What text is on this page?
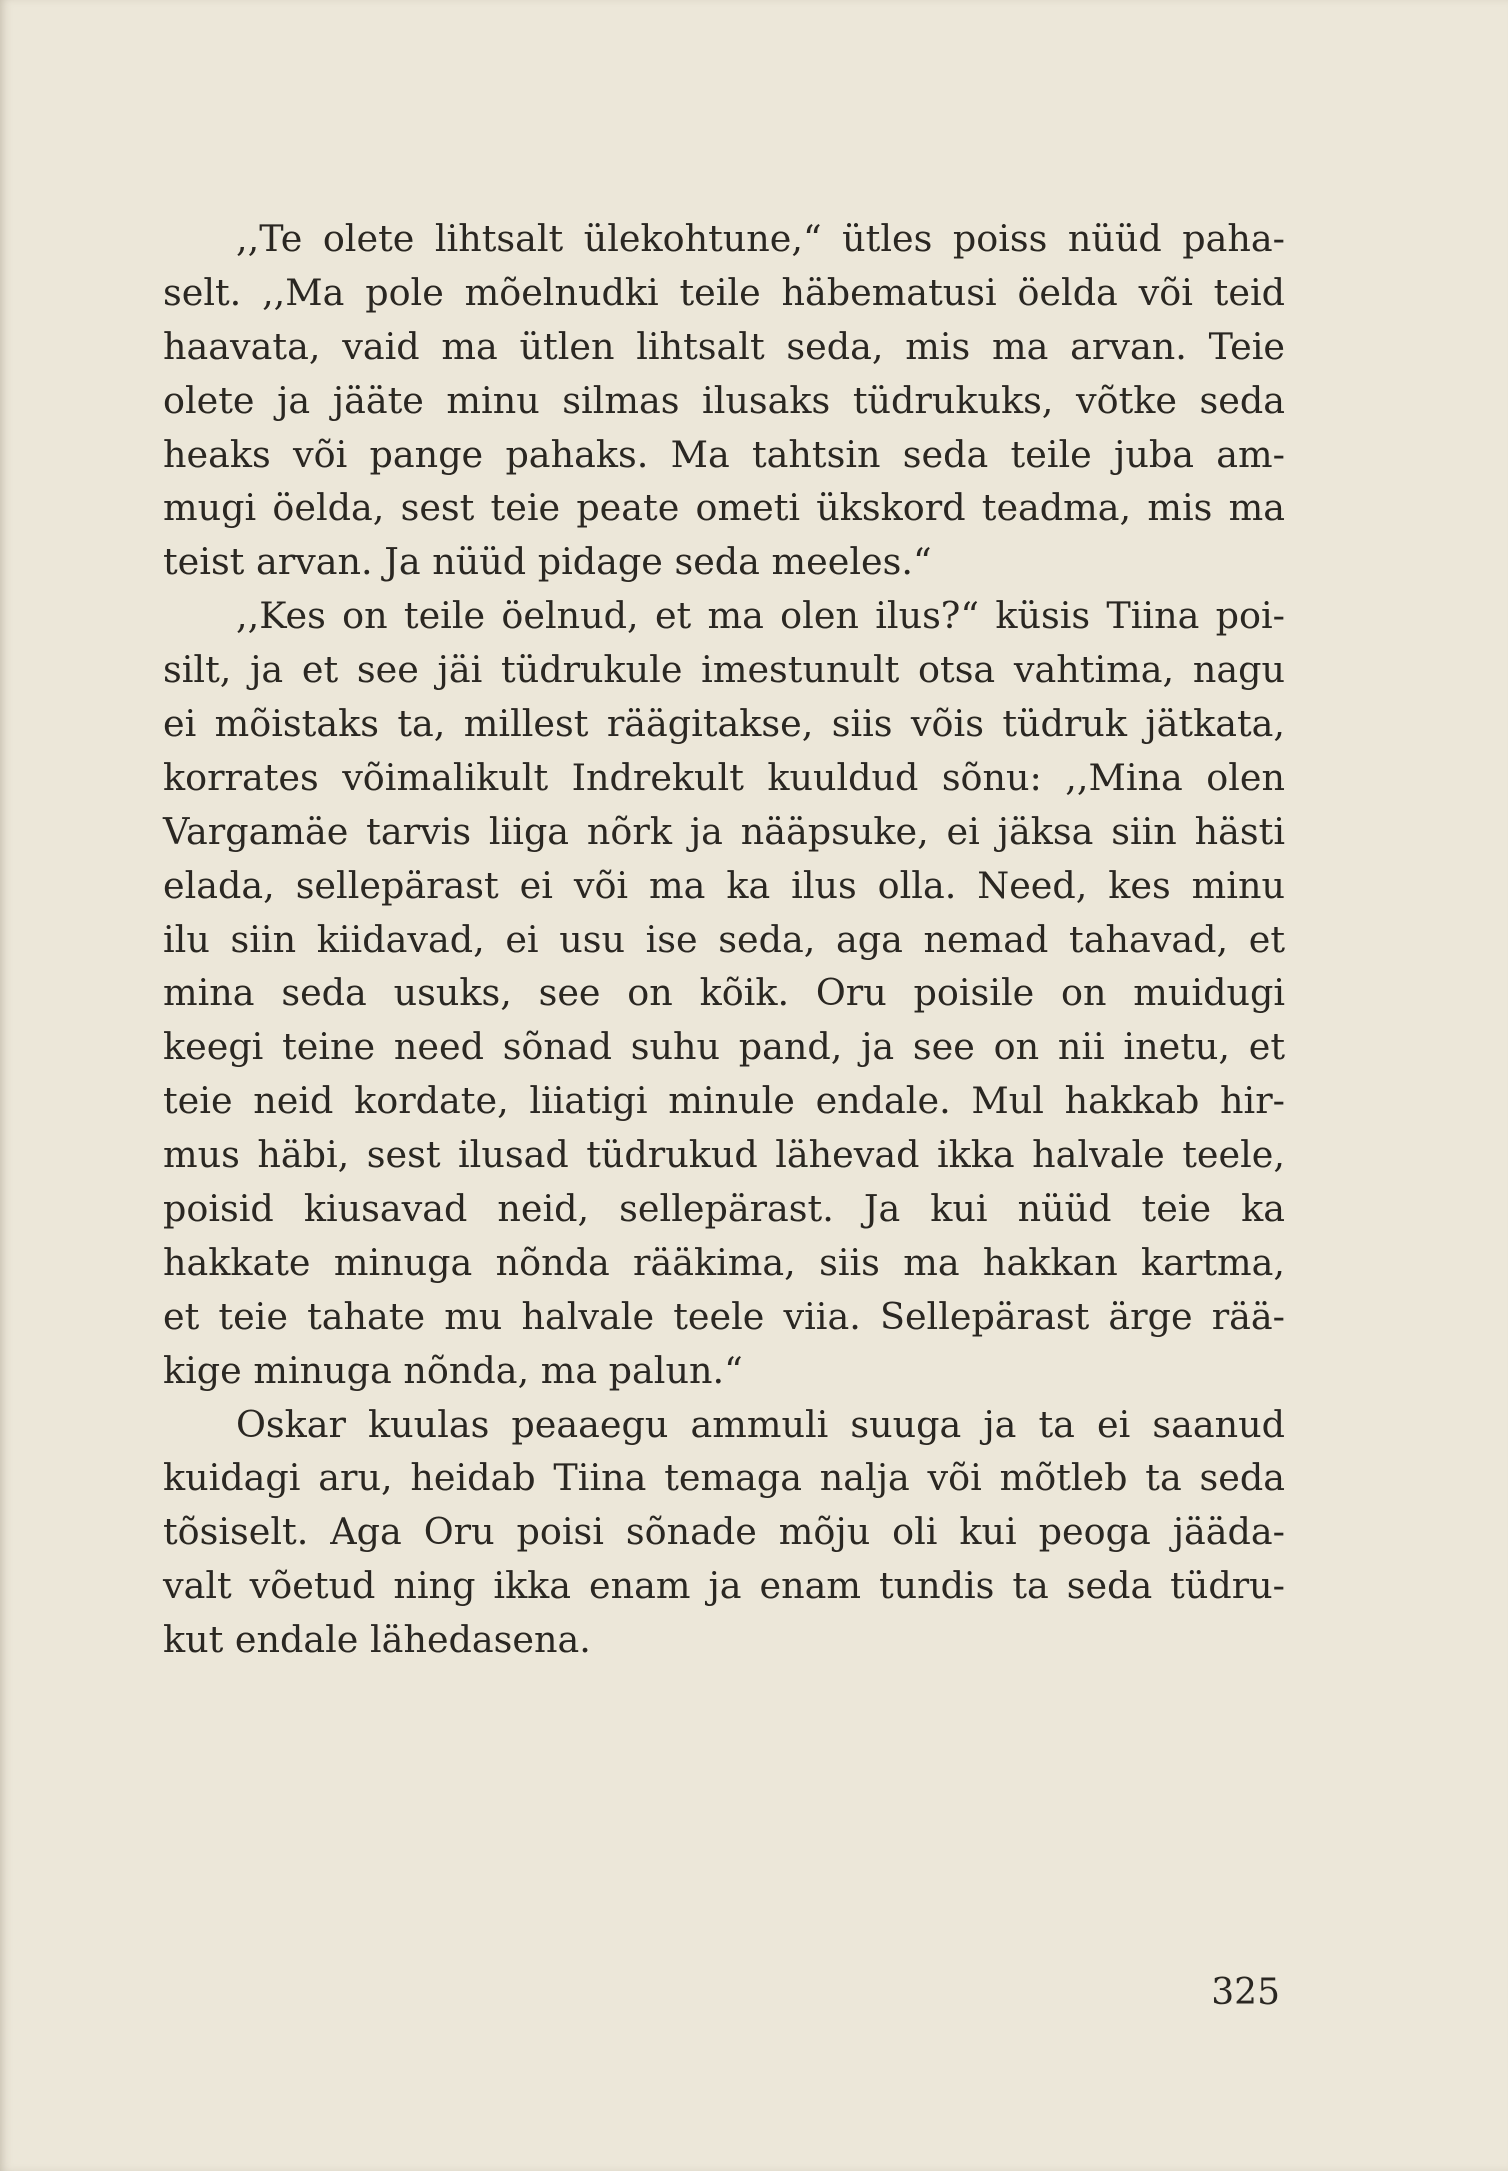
,,Te olete lihtsalt ülekohtune,“ ütles poiss nüüd paha-
selt. ,,Ma pole mõelnudki teile häbematusi öelda või teid
haavata, vaid ma ütlen lihtsalt seda, mis ma arvan. Teie
olete ja jääte minu silmas ilusaks tüdrukuks, võtke seda
heaks või pange pahaks. Ma tahtsin seda teile juba am-
mugi öelda, sest teie peate ometi ükskord teadma, mis ma
teist arvan. Ja nüüd pidage seda meeles.“

,,Kes on teile öelnud, et ma olen ilus?“ küsis Tiina poi-
silt, ja et see jäi tüdrukule imestunult otsa vahtima, nagu
ei mõistaks ta, millest räägitakse, siis võis tüdruk jätkata,
korrates võimalikult Indrekult kuuldud sõnu: ,,Mina olen
Vargamäe tarvis liiga nõrk ja nääpsuke, ei jäksa siin hästi
elada, sellepärast ei või ma ka ilus olla. Need, kes minu
ilu siin kiidavad, ei usu ise seda, aga nemad tahavad, et
mina seda usuks, see on kõik. Oru poisile on muidugi
keegi teine need sõnad suhu pand, ja see on nii inetu, et
teie neid kordate, liiatigi minule endale. Mul hakkab hir-
mus häbi, sest ilusad tüdrukud lähevad ikka halvale teele,
poisid kiusavad neid, sellepärast. Ja kui nüüd teie ka
hakkate minuga nõnda rääkima, siis ma hakkan kartma,
et teie tahate mu halvale teele viia. Sellepärast ärge rää-
kige minuga nõnda, ma palun.“

Oskar kuulas peaaegu ammuli suuga ja ta ei saanud
kuidagi aru, heidab Tiina temaga nalja või mõtleb ta seda
tõsiselt. Aga Oru poisi sõnade mõju oli kui peoga jääda-
valt võetud ning ikka enam ja enam tundis ta seda tüdru-
kut endale lähedasena.

325
